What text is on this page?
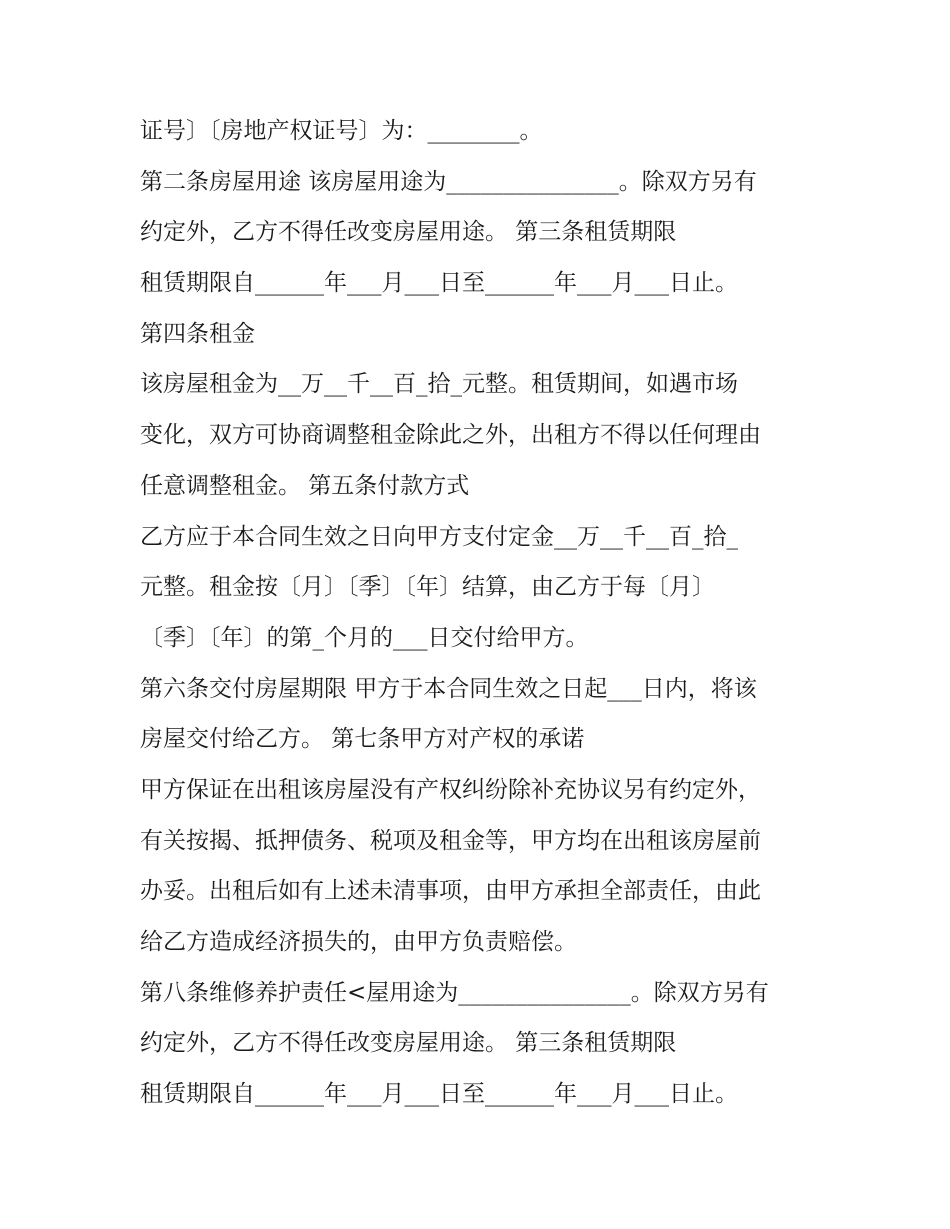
证号〕〔房地产权证号〕为：________。

第二条房屋用途 该房屋用途为_______________。除双方另有

约定外，乙方不得任改变房屋用途。 第三条租赁期限

租赁期限自______年___月___日至______年___月___日止。

第四条租金

该房屋租金为__万__千__百_拾_元整。租赁期间，如遇市场

变化，双方可协商调整租金除此之外，出租方不得以任何理由

任意调整租金。 第五条付款方式

乙方应于本合同生效之日向甲方支付定金__万__千__百_拾_

元整。租金按〔月〕〔季〕〔年〕结算，由乙方于每〔月〕

〔季〕〔年〕的第_个月的___日交付给甲方。

第六条交付房屋期限 甲方于本合同生效之日起___日内，将该

房屋交付给乙方。 第七条甲方对产权的承诺

甲方保证在出租该房屋没有产权纠纷除补充协议另有约定外，

有关按揭、抵押债务、税项及租金等，甲方均在出租该房屋前

办妥。出租后如有上述未清事项，由甲方承担全部责任，由此

给乙方造成经济损失的，由甲方负责赔偿。

第八条维修养护责任<屋用途为_______________。除双方另有

约定外，乙方不得任改变房屋用途。 第三条租赁期限

租赁期限自______年___月___日至______年___月___日止。
